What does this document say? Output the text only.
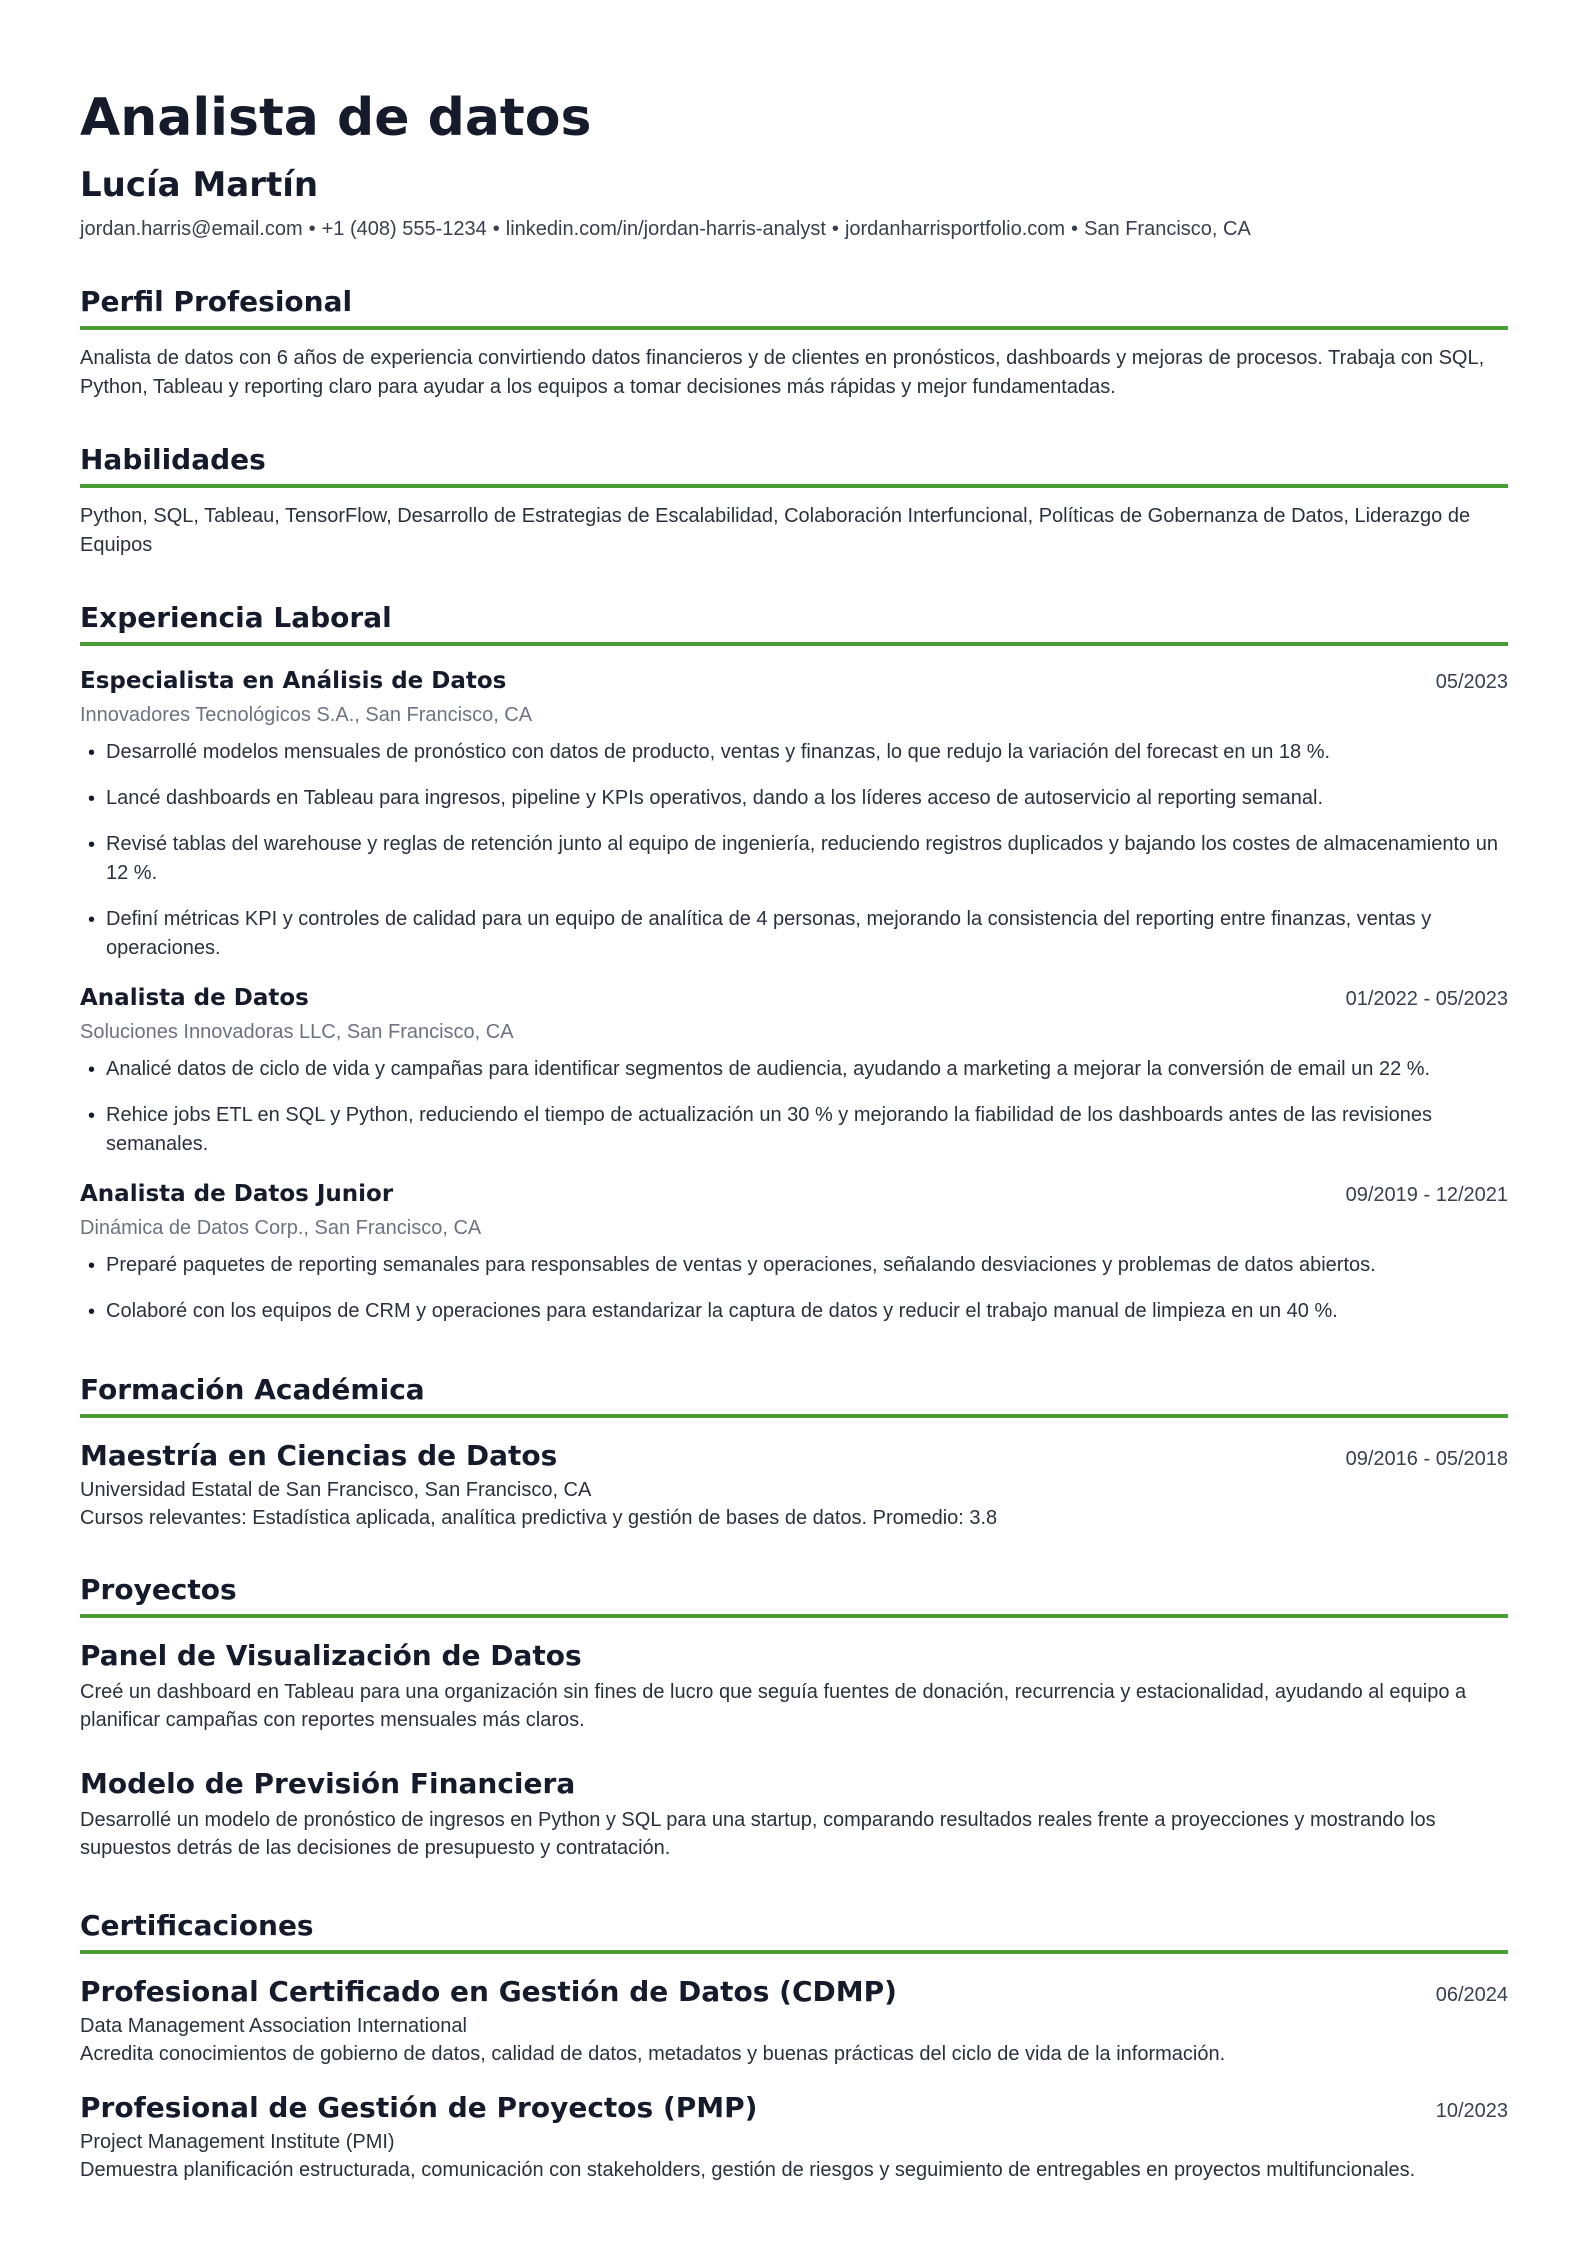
Analista de datos
Lucía Martín
jordan.harris@email.com • +1 (408) 555-1234 • linkedin.com/in/jordan-harris-analyst • jordanharrisportfolio.com • San Francisco, CA
Perfil Profesional
Analista de datos con 6 años de experiencia convirtiendo datos financieros y de clientes en pronósticos, dashboards y mejoras de procesos. Trabaja con SQL, Python, Tableau y reporting claro para ayudar a los equipos a tomar decisiones más rápidas y mejor fundamentadas.
Habilidades
Python, SQL, Tableau, TensorFlow, Desarrollo de Estrategias de Escalabilidad, Colaboración Interfuncional, Políticas de Gobernanza de Datos, Liderazgo de Equipos
Experiencia Laboral
Especialista en Análisis de Datos	05/2023
Innovadores Tecnológicos S.A., San Francisco, CA
• Desarrollé modelos mensuales de pronóstico con datos de producto, ventas y finanzas, lo que redujo la variación del forecast en un 18 %.
• Lancé dashboards en Tableau para ingresos, pipeline y KPIs operativos, dando a los líderes acceso de autoservicio al reporting semanal.
• Revisé tablas del warehouse y reglas de retención junto al equipo de ingeniería, reduciendo registros duplicados y bajando los costes de almacenamiento un 12 %.
• Definí métricas KPI y controles de calidad para un equipo de analítica de 4 personas, mejorando la consistencia del reporting entre finanzas, ventas y operaciones.
Analista de Datos	01/2022 - 05/2023
Soluciones Innovadoras LLC, San Francisco, CA
• Analicé datos de ciclo de vida y campañas para identificar segmentos de audiencia, ayudando a marketing a mejorar la conversión de email un 22 %.
• Rehice jobs ETL en SQL y Python, reduciendo el tiempo de actualización un 30 % y mejorando la fiabilidad de los dashboards antes de las revisiones semanales.
Analista de Datos Junior	09/2019 - 12/2021
Dinámica de Datos Corp., San Francisco, CA
• Preparé paquetes de reporting semanales para responsables de ventas y operaciones, señalando desviaciones y problemas de datos abiertos.
• Colaboré con los equipos de CRM y operaciones para estandarizar la captura de datos y reducir el trabajo manual de limpieza en un 40 %.
Formación Académica
Maestría en Ciencias de Datos	09/2016 - 05/2018
Universidad Estatal de San Francisco, San Francisco, CA
Cursos relevantes: Estadística aplicada, analítica predictiva y gestión de bases de datos. Promedio: 3.8
Proyectos
Panel de Visualización de Datos
Creé un dashboard en Tableau para una organización sin fines de lucro que seguía fuentes de donación, recurrencia y estacionalidad, ayudando al equipo a planificar campañas con reportes mensuales más claros.
Modelo de Previsión Financiera
Desarrollé un modelo de pronóstico de ingresos en Python y SQL para una startup, comparando resultados reales frente a proyecciones y mostrando los supuestos detrás de las decisiones de presupuesto y contratación.
Certificaciones
Profesional Certificado en Gestión de Datos (CDMP)	06/2024
Data Management Association International
Acredita conocimientos de gobierno de datos, calidad de datos, metadatos y buenas prácticas del ciclo de vida de la información.
Profesional de Gestión de Proyectos (PMP)	10/2023
Project Management Institute (PMI)
Demuestra planificación estructurada, comunicación con stakeholders, gestión de riesgos y seguimiento de entregables en proyectos multifuncionales.
